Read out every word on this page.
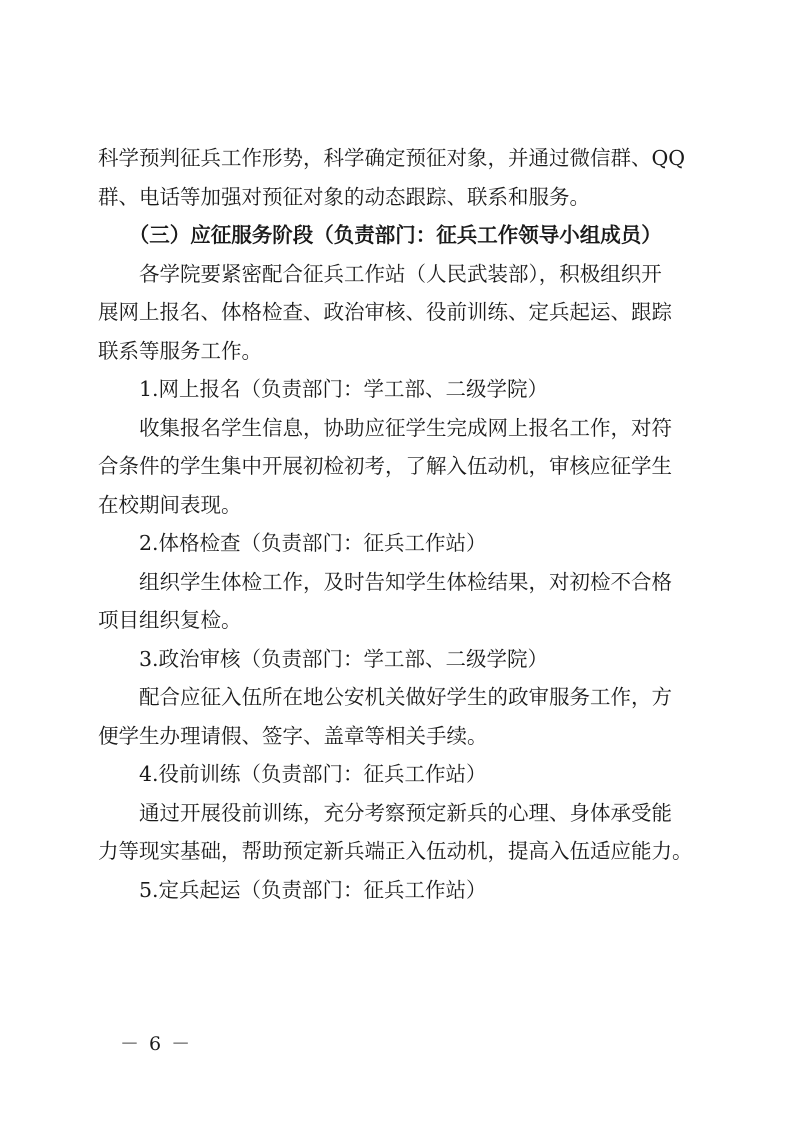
科学预判征兵工作形势，科学确定预征对象，并通过微信群、QQ
群、电话等加强对预征对象的动态跟踪、联系和服务。
　　（三）应征服务阶段（负责部门：征兵工作领导小组成员）
　　各学院要紧密配合征兵工作站（人民武装部），积极组织开
展网上报名、体格检查、政治审核、役前训练、定兵起运、跟踪
联系等服务工作。
　　1.网上报名（负责部门：学工部、二级学院）
　　收集报名学生信息，协助应征学生完成网上报名工作，对符
合条件的学生集中开展初检初考，了解入伍动机，审核应征学生
在校期间表现。
　　2.体格检查（负责部门：征兵工作站）
　　组织学生体检工作，及时告知学生体检结果，对初检不合格
项目组织复检。
　　3.政治审核（负责部门：学工部、二级学院）
　　配合应征入伍所在地公安机关做好学生的政审服务工作，方
便学生办理请假、签字、盖章等相关手续。
　　4.役前训练（负责部门：征兵工作站）
　　通过开展役前训练，充分考察预定新兵的心理、身体承受能
力等现实基础，帮助预定新兵端正入伍动机，提高入伍适应能力。
　　5.定兵起运（负责部门：征兵工作站）
－ 6 －
